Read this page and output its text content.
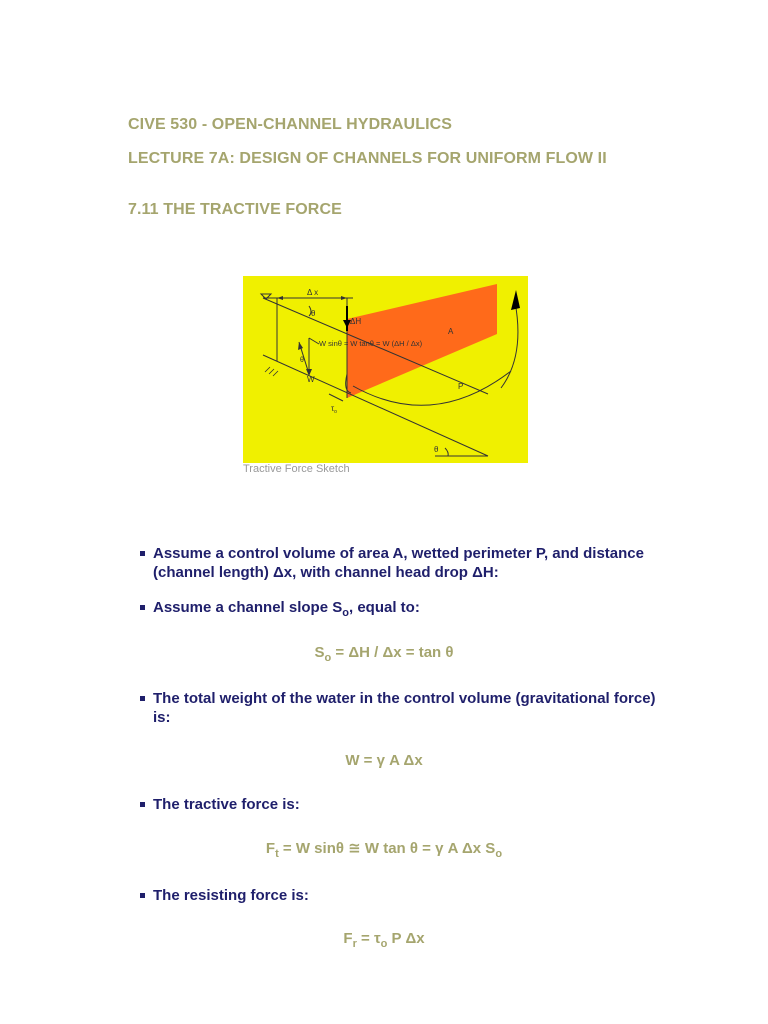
CIVE 530 - OPEN-CHANNEL HYDRAULICS
LECTURE 7A: DESIGN OF CHANNELS FOR UNIFORM FLOW II
7.11 THE TRACTIVE FORCE
Δ x
θ
ΔH
A
W sinθ ≈ W tanθ = W (ΔH / Δx)
θ
W
$\tau_o$
P
θ
Tractive Force Sketch

Assume a control volume of area A, wetted perimeter P, and distance (channel length) Δx, with channel head drop ΔH:

Assume a channel slope $S_o$, equal to:

$S_o = \Delta H / \Delta x = \tan \theta$

The total weight of the water in the control volume (gravitational force) is:

W = γ A Δx

The tractive force is:

$F_t = W$ sinθ ≅ W tan θ = γ A Δx $S_o$

The resisting force is:

$F_r = \tau_o$ P Δx
